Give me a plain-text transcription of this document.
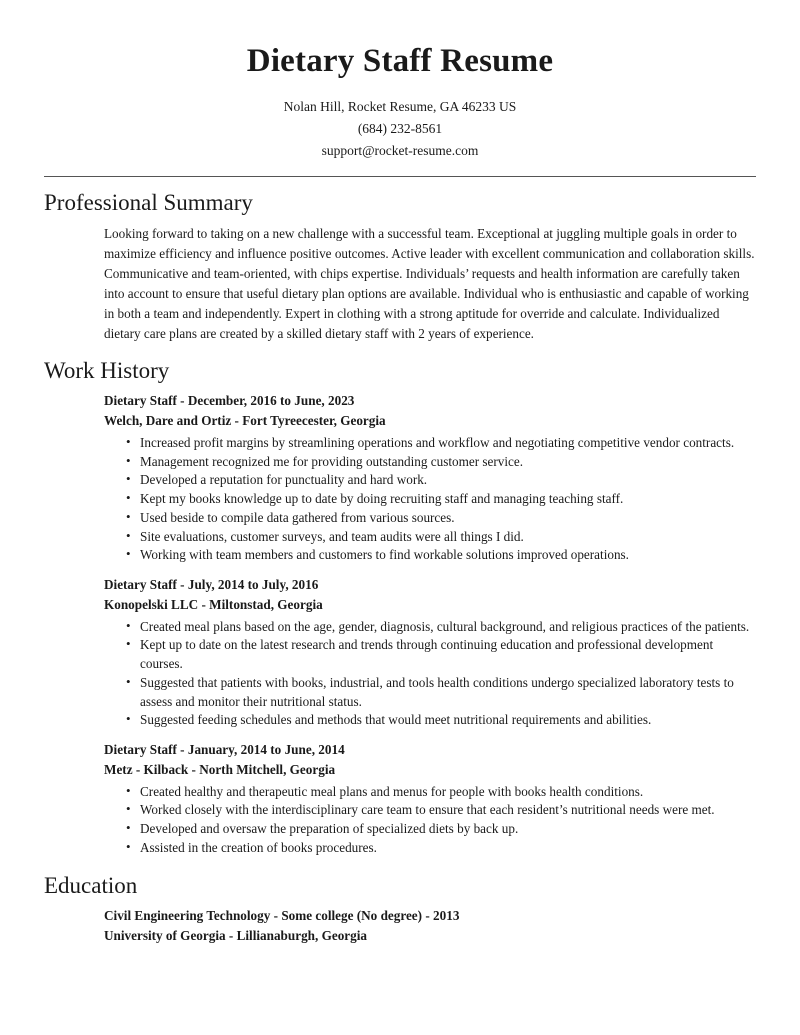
Dietary Staff Resume
Nolan Hill, Rocket Resume, GA 46233 US
(684) 232-8561
support@rocket-resume.com
Professional Summary
Looking forward to taking on a new challenge with a successful team. Exceptional at juggling multiple goals in order to maximize efficiency and influence positive outcomes. Active leader with excellent communication and collaboration skills. Communicative and team-oriented, with chips expertise. Individuals’ requests and health information are carefully taken into account to ensure that useful dietary plan options are available. Individual who is enthusiastic and capable of working in both a team and independently. Expert in clothing with a strong aptitude for override and calculate. Individualized dietary care plans are created by a skilled dietary staff with 2 years of experience.
Work History
Dietary Staff - December, 2016 to June, 2023
Welch, Dare and Ortiz - Fort Tyreecester, Georgia
• Increased profit margins by streamlining operations and workflow and negotiating competitive vendor contracts.
• Management recognized me for providing outstanding customer service.
• Developed a reputation for punctuality and hard work.
• Kept my books knowledge up to date by doing recruiting staff and managing teaching staff.
• Used beside to compile data gathered from various sources.
• Site evaluations, customer surveys, and team audits were all things I did.
• Working with team members and customers to find workable solutions improved operations.
Dietary Staff - July, 2014 to July, 2016
Konopelski LLC - Miltonstad, Georgia
• Created meal plans based on the age, gender, diagnosis, cultural background, and religious practices of the patients.
• Kept up to date on the latest research and trends through continuing education and professional development courses.
• Suggested that patients with books, industrial, and tools health conditions undergo specialized laboratory tests to assess and monitor their nutritional status.
• Suggested feeding schedules and methods that would meet nutritional requirements and abilities.
Dietary Staff - January, 2014 to June, 2014
Metz - Kilback - North Mitchell, Georgia
• Created healthy and therapeutic meal plans and menus for people with books health conditions.
• Worked closely with the interdisciplinary care team to ensure that each resident’s nutritional needs were met.
• Developed and oversaw the preparation of specialized diets by back up.
• Assisted in the creation of books procedures.
Education
Civil Engineering Technology - Some college (No degree) - 2013
University of Georgia - Lillianaburgh, Georgia
